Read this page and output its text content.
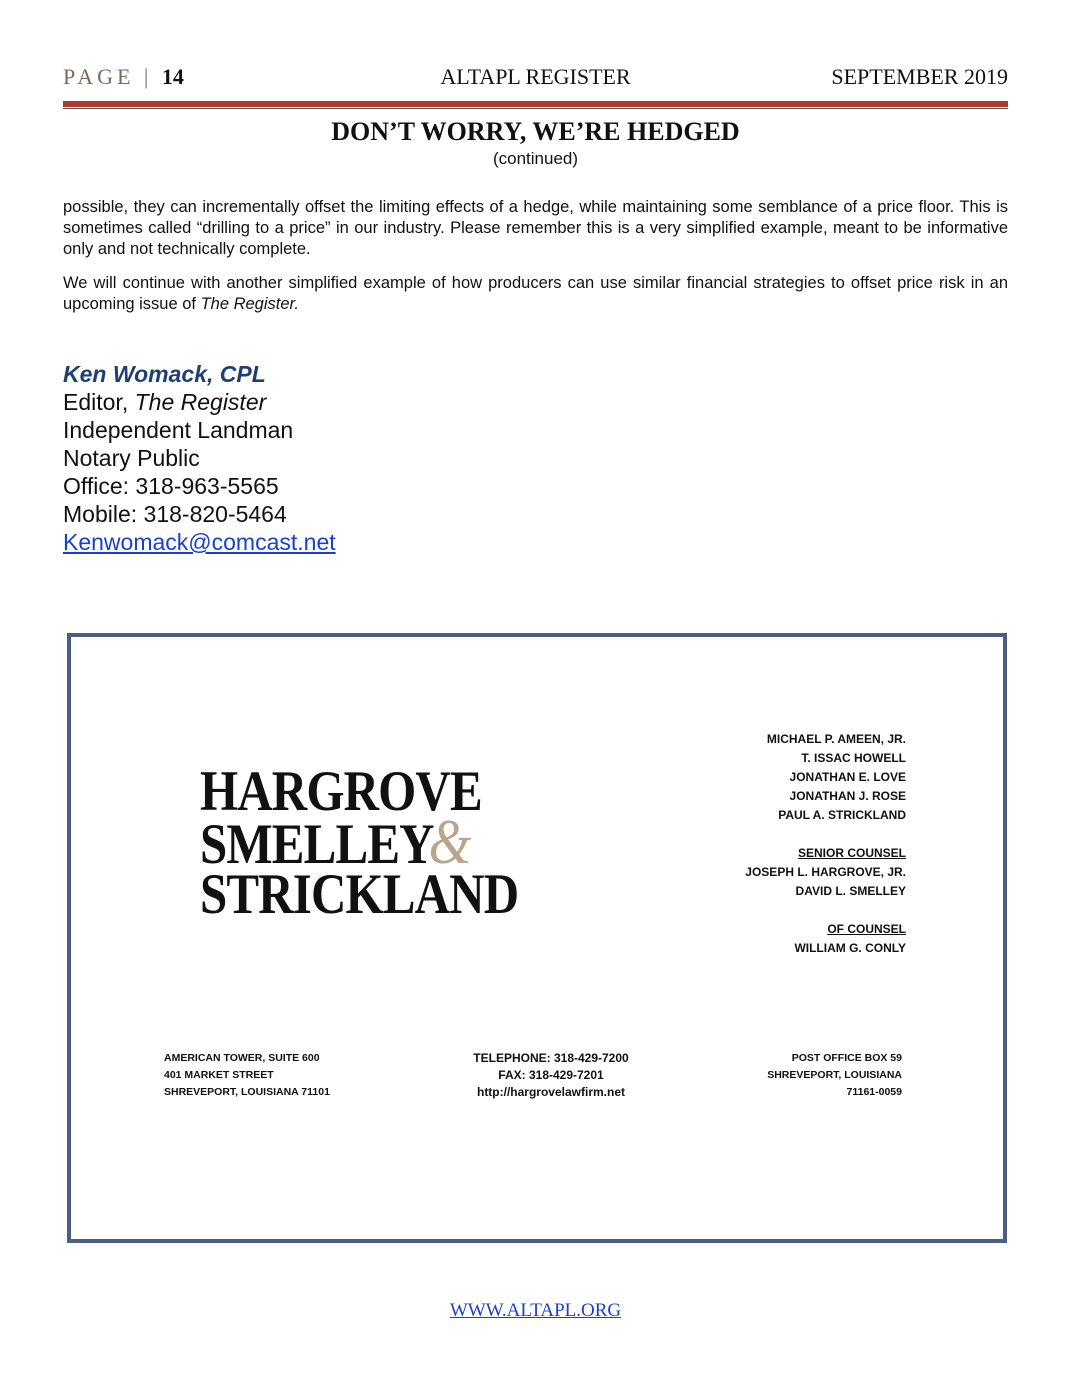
PAGE | 14	ALTAPL REGISTER	SEPTEMBER 2019
DON’T WORRY, WE’RE HEDGED
(continued)
possible, they can incrementally offset the limiting effects of a hedge, while maintaining some semblance of a price floor. This is sometimes called “drilling to a price” in our industry. Please remember this is a very simplified example, meant to be informative only and not technically complete.
We will continue with another simplified example of how producers can use similar financial strategies to offset price risk in an upcoming issue of The Register.
Ken Womack, CPL
Editor, The Register
Independent Landman
Notary Public
Office: 318-963-5565
Mobile: 318-820-5464
Kenwomack@comcast.net
HARGROVE
SMELLEY&
STRICKLAND
MICHAEL P. AMEEN, JR.
T. ISSAC HOWELL
JONATHAN E. LOVE
JONATHAN J. ROSE
PAUL A. STRICKLAND
SENIOR COUNSEL
JOSEPH L. HARGROVE, JR.
DAVID L. SMELLEY
OF COUNSEL
WILLIAM G. CONLY
AMERICAN TOWER, SUITE 600
401 MARKET STREET
SHREVEPORT, LOUISIANA 71101
TELEPHONE: 318-429-7200
FAX: 318-429-7201
http://hargrovelawfirm.net
POST OFFICE BOX 59
SHREVEPORT, LOUISIANA
71161-0059
WWW.ALTAPL.ORG
